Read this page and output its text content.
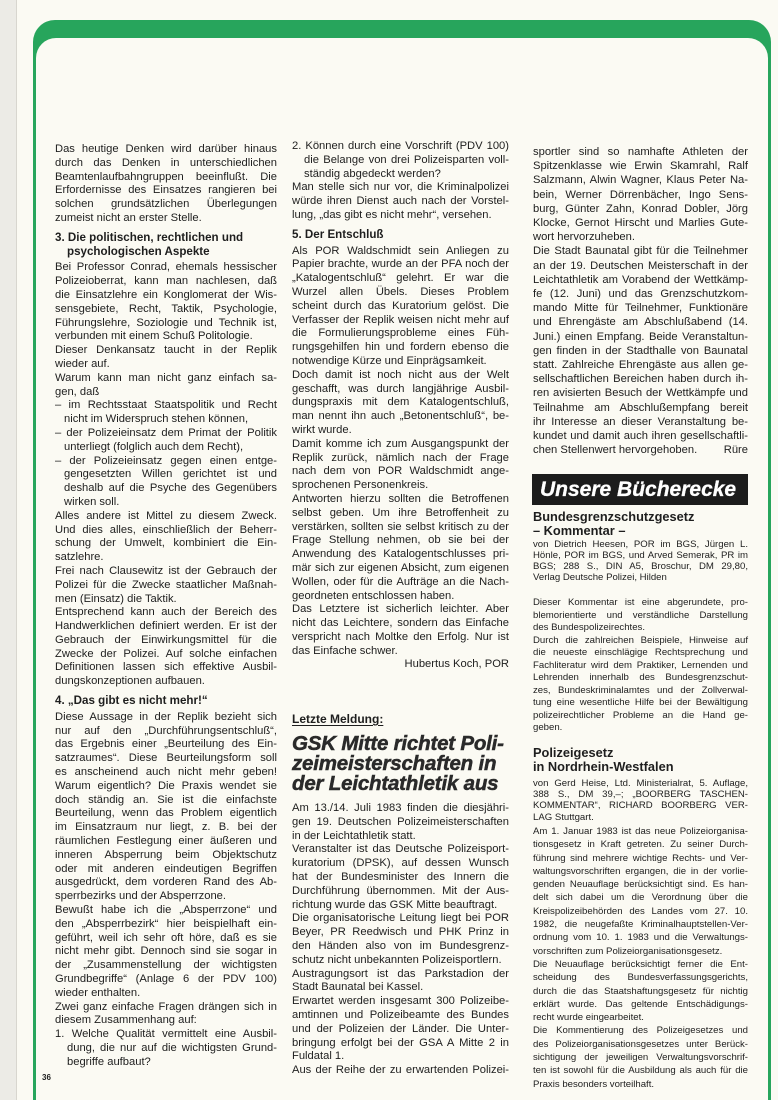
Das heutige Denken wird darüber hinaus
durch das Denken in unterschiedlichen
Beamtenlaufbahngruppen beeinflußt. Die
Erfordernisse des Einsatzes rangieren bei
solchen grundsätzlichen Überlegungen
zumeist nicht an erster Stelle.
3. Die politischen, rechtlichen und
psychologischen Aspekte
Bei Professor Conrad, ehemals hessischer
Polizeioberrat, kann man nachlesen, daß
die Einsatzlehre ein Konglomerat der Wis-
sensgebiete, Recht, Taktik, Psychologie,
Führungslehre, Soziologie und Technik ist,
verbunden mit einem Schuß Politologie.
Dieser Denkansatz taucht in der Replik
wieder auf.
Warum kann man nicht ganz einfach sa-
gen, daß
– im Rechtsstaat Staatspolitik und Recht
nicht im Widerspruch stehen können,
– der Polizeieinsatz dem Primat der Politik
unterliegt (folglich auch dem Recht),
– der Polizeieinsatz gegen einen entge-
gengesetzten Willen gerichtet ist und
deshalb auf die Psyche des Gegenübers
wirken soll.
Alles andere ist Mittel zu diesem Zweck.
Und dies alles, einschließlich der Beherr-
schung der Umwelt, kombiniert die Ein-
satzlehre.
Frei nach Clausewitz ist der Gebrauch der
Polizei für die Zwecke staatlicher Maßnah-
men (Einsatz) die Taktik.
Entsprechend kann auch der Bereich des
Handwerklichen definiert werden. Er ist der
Gebrauch der Einwirkungsmittel für die
Zwecke der Polizei. Auf solche einfachen
Definitionen lassen sich effektive Ausbil-
dungskonzeptionen aufbauen.
4. „Das gibt es nicht mehr!“
Diese Aussage in der Replik bezieht sich
nur auf den „Durchführungsentschluß“,
das Ergebnis einer „Beurteilung des Ein-
satzraumes“. Diese Beurteilungsform soll
es anscheinend auch nicht mehr geben!
Warum eigentlich? Die Praxis wendet sie
doch ständig an. Sie ist die einfachste
Beurteilung, wenn das Problem eigentlich
im Einsatzraum nur liegt, z. B. bei der
räumlichen Festlegung einer äußeren und
inneren Absperrung beim Objektschutz
oder mit anderen eindeutigen Begriffen
ausgedrückt, dem vorderen Rand des Ab-
sperrbezirks und der Absperrzone.
Bewußt habe ich die „Absperrzone“ und
den „Absperrbezirk“ hier beispielhaft ein-
geführt, weil ich sehr oft höre, daß es sie
nicht mehr gibt. Dennoch sind sie sogar in
der „Zusammenstellung der wichtigsten
Grundbegriffe“ (Anlage 6 der PDV 100)
wieder enthalten.
Zwei ganz einfache Fragen drängen sich in
diesem Zusammenhang auf:
1. Welche Qualität vermittelt eine Ausbil-
dung, die nur auf die wichtigsten Grund-
begriffe aufbaut?
2. Können durch eine Vorschrift (PDV 100)
die Belange von drei Polizeisparten voll-
ständig abgedeckt werden?
Man stelle sich nur vor, die Kriminalpolizei
würde ihren Dienst auch nach der Vorstel-
lung, „das gibt es nicht mehr“, versehen.
5. Der Entschluß
Als POR Waldschmidt sein Anliegen zu
Papier brachte, wurde an der PFA noch der
„Katalogentschluß“ gelehrt. Er war die
Wurzel allen Übels. Dieses Problem
scheint durch das Kuratorium gelöst. Die
Verfasser der Replik weisen nicht mehr auf
die Formulierungsprobleme eines Füh-
rungsgehilfen hin und fordern ebenso die
notwendige Kürze und Einprägsamkeit.
Doch damit ist noch nicht aus der Welt
geschafft, was durch langjährige Ausbil-
dungspraxis mit dem Katalogentschluß,
man nennt ihn auch „Betonentschluß“, be-
wirkt wurde.
Damit komme ich zum Ausgangspunkt der
Replik zurück, nämlich nach der Frage
nach dem von POR Waldschmidt ange-
sprochenen Personenkreis.
Antworten hierzu sollten die Betroffenen
selbst geben. Um ihre Betroffenheit zu
verstärken, sollten sie selbst kritisch zu der
Frage Stellung nehmen, ob sie bei der
Anwendung des Katalogentschlusses pri-
mär sich zur eigenen Absicht, zum eigenen
Wollen, oder für die Aufträge an die Nach-
geordneten entschlossen haben.
Das Letztere ist sicherlich leichter. Aber
nicht das Leichtere, sondern das Einfache
verspricht nach Moltke den Erfolg. Nur ist
das Einfache schwer.
Hubertus Koch, POR
Letzte Meldung:
GSK Mitte richtet Poli-
zeimeisterschaften in
der Leichtathletik aus
Am 13./14. Juli 1983 finden die diesjähri-
gen 19. Deutschen Polizeimeisterschaften
in der Leichtathletik statt.
Veranstalter ist das Deutsche Polizeisport-
kuratorium (DPSK), auf dessen Wunsch
hat der Bundesminister des Innern die
Durchführung übernommen. Mit der Aus-
richtung wurde das GSK Mitte beauftragt.
Die organisatorische Leitung liegt bei POR
Beyer, PR Reedwisch und PHK Prinz in
den Händen also von im Bundesgrenz-
schutz nicht unbekannten Polizeisportlern.
Austragungsort ist das Parkstadion der
Stadt Baunatal bei Kassel.
Erwartet werden insgesamt 300 Polizeibe-
amtinnen und Polizeibeamte des Bundes
und der Polizeien der Länder. Die Unter-
bringung erfolgt bei der GSA A Mitte 2 in
Fuldatal 1.
Aus der Reihe der zu erwartenden Polizei-
sportler sind so namhafte Athleten der
Spitzenklasse wie Erwin Skamrahl, Ralf
Salzmann, Alwin Wagner, Klaus Peter Na-
bein, Werner Dörrenbächer, Ingo Sens-
burg, Günter Zahn, Konrad Dobler, Jörg
Klocke, Gernot Hirscht und Marlies Gute-
wort hervorzuheben.
Die Stadt Baunatal gibt für die Teilnehmer
an der 19. Deutschen Meisterschaft in der
Leichtathletik am Vorabend der Wettkämp-
fe (12. Juni) und das Grenzschutzkom-
mando Mitte für Teilnehmer, Funktionäre
und Ehrengäste am Abschlußabend (14.
Juni.) einen Empfang. Beide Veranstaltun-
gen finden in der Stadthalle von Baunatal
statt. Zahlreiche Ehrengäste aus allen ge-
sellschaftlichen Bereichen haben durch ih-
ren avisierten Besuch der Wettkämpfe und
Teilnahme am Abschlußempfang bereit
ihr Interesse an dieser Veranstaltung be-
kundet und damit auch ihren gesellschaftli-
chen Stellenwert hervorgehoben.	Rüre
Unsere Bücherecke
Bundesgrenzschutzgesetz
– Kommentar –
von Dietrich Heesen, POR im BGS, Jürgen L.
Hönle, POR im BGS, und Arved Semerak, PR im
BGS; 288 S., DIN A5, Broschur, DM 29,80,
Verlag Deutsche Polizei, Hilden
Dieser Kommentar ist eine abgerundete, pro-
blemorientierte und verständliche Darstellung
des Bundespolizeirechtes.
Durch die zahlreichen Beispiele, Hinweise auf
die neueste einschlägige Rechtsprechung und
Fachliteratur wird dem Praktiker, Lernenden und
Lehrenden innerhalb des Bundesgrenzschut-
zes, Bundeskriminalamtes und der Zollverwal-
tung eine wesentliche Hilfe bei der Bewältigung
polizeirechtlicher Probleme an die Hand ge-
geben.
Polizeigesetz
in Nordrhein-Westfalen
von Gerd Heise, Ltd. Ministerialrat, 5. Auflage,
388 S., DM 39,–; „BOORBERG TASCHEN-
KOMMENTAR“, RICHARD BOORBERG VER-
LAG Stuttgart.
Am 1. Januar 1983 ist das neue Polizeiorganisa-
tionsgesetz in Kraft getreten. Zu seiner Durch-
führung sind mehrere wichtige Rechts- und Ver-
waltungsvorschriften ergangen, die in der vorlie-
genden Neuauflage berücksichtigt sind. Es han-
delt sich dabei um die Verordnung über die
Kreispolizeibehörden des Landes vom 27. 10.
1982, die neugefaßte Kriminalhauptstellen-Ver-
ordnung vom 10. 1. 1983 und die Verwaltungs-
vorschriften zum Polizeiorganisationsgesetz.
Die Neuauflage berücksichtigt ferner die Ent-
scheidung des Bundesverfassungsgerichts,
durch die das Staatshaftungsgesetz für nichtig
erklärt wurde. Das geltende Entschädigungs-
recht wurde eingearbeitet.
Die Kommentierung des Polizeigesetzes und
des Polizeiorganisationsgesetzes unter Berück-
sichtigung der jeweiligen Verwaltungsvorschrif-
ten ist sowohl für die Ausbildung als auch für die
Praxis besonders vorteilhaft.
36
